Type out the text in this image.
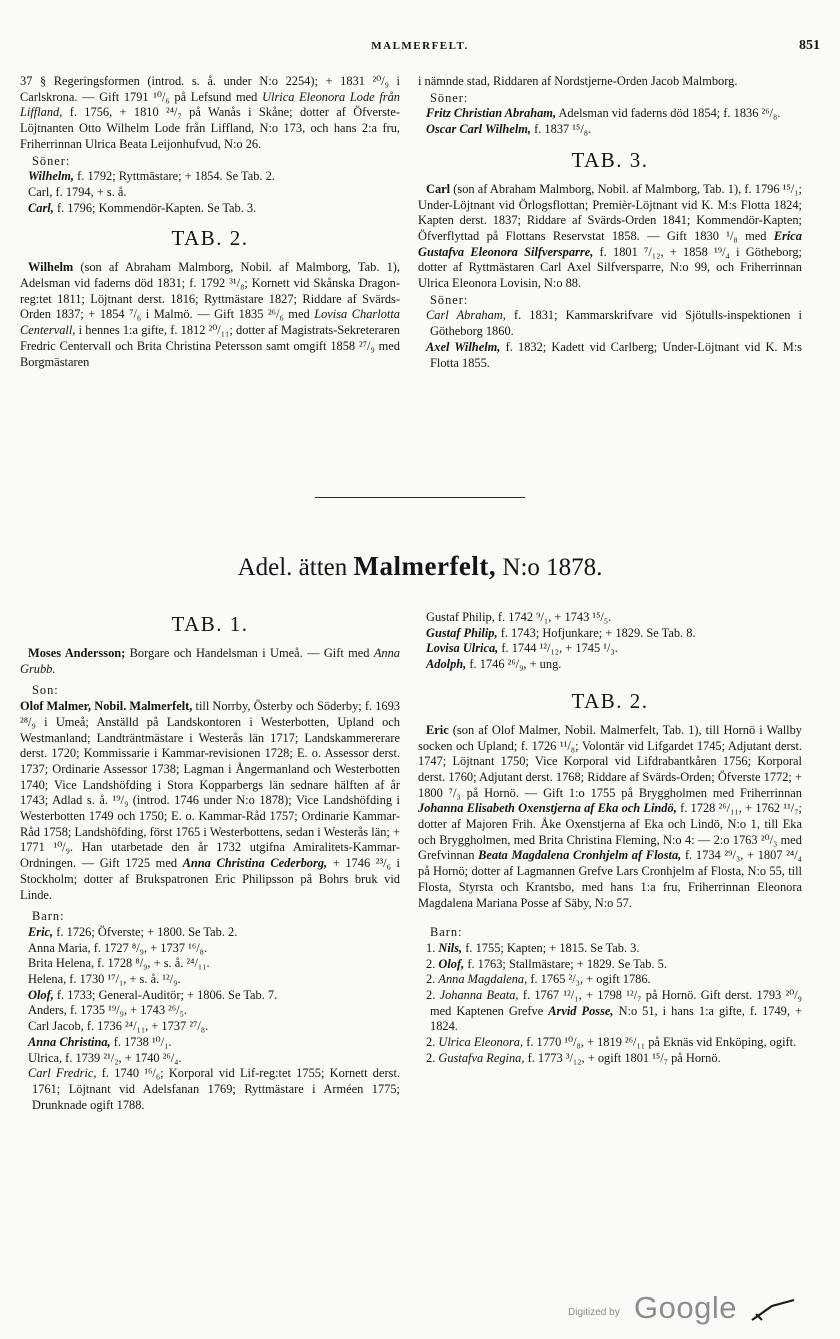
MALMERFELT.	851

37 § Regeringsformen (introd. s. å. under N:o 2254); + 1831 ²⁰/₉ i Carlskrona. — Gift 1791 ¹⁰/₆ på Lefsund med Ulrica Eleonora Lode från Liffland, f. 1756, + 1810 ²⁴/₇ på Wanås i Skåne; dotter af Öfverste-Löjtnanten Otto Wilhelm Lode från Liffland, N:o 173, och hans 2:a fru, Friherrinnan Ulrica Beata Leijonhufvud, N:o 26.

Söner:

Wilhelm, f. 1792; Ryttmästare; + 1854. Se Tab. 2.

Carl, f. 1794, + s. å.

Carl, f. 1796; Kommendör-Kapten. Se Tab. 3.

TAB. 2.

Wilhelm (son af Abraham Malmborg, Nobil. af Malmborg, Tab. 1), Adelsman vid faderns död 1831; f. 1792 ³¹/₈; Kornett vid Skånska Dragon-reg:tet 1811; Löjtnant derst. 1816; Ryttmästare 1827; Riddare af Svärds-Orden 1837; + 1854 ⁷/₆ i Malmö. — Gift 1835 ²⁶/₆ med Lovisa Charlotta Centervall, i hennes 1:a gifte, f. 1812 ²⁰/₁₁; dotter af Magistrats-Sekreteraren Fredric Centervall och Brita Christina Petersson samt omgift 1858 ²⁷/₉ med Borgmästaren

i nämnde stad, Riddaren af Nordstjerne-Orden Jacob Malmborg.

Söner:

Fritz Christian Abraham, Adelsman vid faderns död 1854; f. 1836 ²⁶/₈.

Oscar Carl Wilhelm, f. 1837 ¹⁵/₈.

TAB. 3.

Carl (son af Abraham Malmborg, Nobil. af Malmborg, Tab. 1), f. 1796 ¹⁵/₁; Under-Löjtnant vid Örlogsflottan; Premièr-Löjtnant vid K. M:s Flotta 1824; Kapten derst. 1837; Riddare af Svärds-Orden 1841; Kommendör-Kapten; Öfverflyttad på Flottans Reservstat 1858. — Gift 1830 ¹/₈ med Erica Gustafva Eleonora Silfversparre, f. 1801 ⁷/₁₂, + 1858 ¹⁹/₄ i Götheborg; dotter af Ryttmästaren Carl Axel Silfversparre, N:o 99, och Friherrinnan Ulrica Eleonora Lovisin, N:o 88.

Söner:

Carl Abraham, f. 1831; Kammarskrifvare vid Sjötulls-inspektionen i Götheborg 1860.

Axel Wilhelm, f. 1832; Kadett vid Carlberg; Under-Löjtnant vid K. M:s Flotta 1855.

Adel. ätten Malmerfelt, N:o 1878.
TAB. 1.

Moses Andersson; Borgare och Handelsman i Umeå. — Gift med Anna Grubb.

Son:

Olof Malmer, Nobil. Malmerfelt, till Norrby, Österby och Söderby; f. 1693 ²⁸/₉ i Umeå; Anställd på Landskontoren i Westerbotten, Upland och Westmanland; Landträntmästare i Westerås län 1717; Landskammererare derst. 1720; Kommissarie i Kammar-revisionen 1728; E. o. Assessor derst. 1737; Ordinarie Assessor 1738; Lagman i Ångermanland och Westerbotten 1740; Vice Landshöfding i Stora Kopparbergs län sednare hälften af år 1743; Adlad s. å. ¹⁹/₉ (introd. 1746 under N:o 1878); Vice Landshöfding i Westerbotten 1749 och 1750; E. o. Kammar-Råd 1757; Ordinarie Kammar-Råd 1758; Landshöfding, först 1765 i Westerbottens, sedan i Westerås län; + 1771 ¹⁰/₉. Han utarbetade den år 1732 utgifna Amiralitets-Kammar-Ordningen. — Gift 1725 med Anna Christina Cederborg, + 1746 ²³/₆ i Stockholm; dotter af Brukspatronen Eric Philipsson på Bohrs bruk vid Linde.

Barn:

Eric, f. 1726; Öfverste; + 1800. Se Tab. 2.

Anna Maria, f. 1727 ⁸/₉, + 1737 ¹⁶/₈.

Brita Helena, f. 1728 ⁸/₉, + s. å. ²⁴/₁₁.

Helena, f. 1730 ¹⁷/₁, + s. å. ¹²/₉.

Olof, f. 1733; General-Auditör; + 1806. Se Tab. 7.

Anders, f. 1735 ¹⁹/₉, + 1743 ²⁶/₅.

Carl Jacob, f. 1736 ²⁴/₁₁, + 1737 ²⁷/₈.

Anna Christina, f. 1738 ¹⁰/₁.

Ulrica, f. 1739 ²¹/₂, + 1740 ²⁶/₄.

Carl Fredric, f. 1740 ¹⁶/₆; Korporal vid Lif-reg:tet 1755; Kornett derst. 1761; Löjtnant vid Adelsfanan 1769; Ryttmästare i Arméen 1775; Drunknade ogift 1788.

Gustaf Philip, f. 1742 ⁹/₁, + 1743 ¹⁵/₅.

Gustaf Philip, f. 1743; Hofjunkare; + 1829. Se Tab. 8.

Lovisa Ulrica, f. 1744 ¹²/₁₂, + 1745 ¹/₃.

Adolph, f. 1746 ²⁶/₉, + ung.

TAB. 2.

Eric (son af Olof Malmer, Nobil. Malmerfelt, Tab. 1), till Hornö i Wallby socken och Upland; f. 1726 ¹¹/₈; Volontär vid Lifgardet 1745; Adjutant derst. 1747; Löjtnant 1750; Vice Korporal vid Lifdrabantkåren 1756; Korporal derst. 1760; Adjutant derst. 1768; Riddare af Svärds-Orden; Öfverste 1772; + 1800 ⁷/₃ på Hornö. — Gift 1:o 1755 på Bryggholmen med Friherrinnan Johanna Elisabeth Oxenstjerna af Eka och Lindö, f. 1728 ²⁶/₁₁, + 1762 ¹¹/₇; dotter af Majoren Frih. Åke Oxenstjerna af Eka och Lindö, N:o 1, till Eka och Bryggholmen, med Brita Christina Fleming, N:o 4: — 2:o 1763 ²⁰/₃ med Grefvinnan Beata Magdalena Cronhjelm af Flosta, f. 1734 ²⁹/₃, + 1807 ²⁴/₄ på Hornö; dotter af Lagmannen Grefve Lars Cronhjelm af Flosta, N:o 55, till Flosta, Styrsta och Krantsbo, med hans 1:a fru, Friherrinnan Eleonora Magdalena Mariana Posse af Säby, N:o 57.

Barn:

1. Nils, f. 1755; Kapten; + 1815. Se Tab. 3.

2. Olof, f. 1763; Stallmästare; + 1829. Se Tab. 5.

2. Anna Magdalena, f. 1765 ²/₃, + ogift 1786.

2. Johanna Beata, f. 1767 ¹²/₁, + 1798 ¹²/₇ på Hornö. Gift derst. 1793 ²⁰/₉ med Kaptenen Grefve Arvid Posse, N:o 51, i hans 1:a gifte, f. 1749, + 1824.

2. Ulrica Eleonora, f. 1770 ¹⁰/₈, + 1819 ²⁶/₁₁ på Eknäs vid Enköping, ogift.

2. Gustafva Regina, f. 1773 ³/₁₂, + ogift 1801 ¹⁵/₇ på Hornö.

Digitized by Google
